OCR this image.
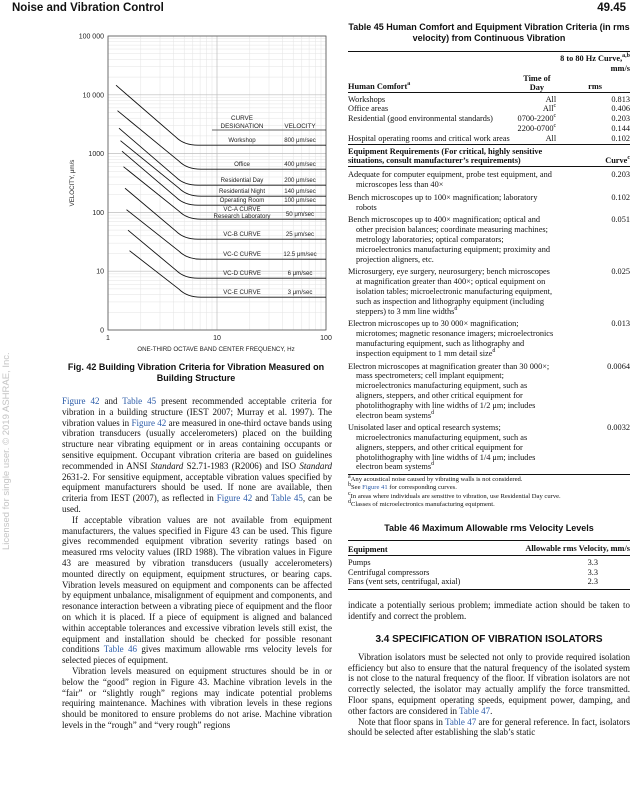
Noise and Vibration Control	49.45
Licensed for single user. © 2019 ASHRAE, Inc.
100 000
10 000
1000
100
10
0
1	10	100
ONE-THIRD OCTAVE BAND CENTER FREQUENCY, Hz
VELOCITY, μm/s
CURVE
DESIGNATION	VELOCITY
Workshop	800 μm/sec
Office	400 μm/sec
Residential Day	200 μm/sec
Residential Night	140 μm/sec
Operating Room	100 μm/sec
VC-A CURVE
Research Laboratory	50 μm/sec
VC-B CURVE	25 μm/sec
VC-C CURVE	12.5 μm/sec
VC-D CURVE	6 μm/sec
VC-E CURVE	3 μm/sec
Fig. 42 Building Vibration Criteria for Vibration Measured on Building Structure

Figure 42 and Table 45 present recommended acceptable criteria for vibration in a building structure (IEST 2007; Murray et al. 1997). The vibration values in Figure 42 are measured in one-third octave bands using vibration transducers (usually accelerometers) placed on the building structure near vibrating equipment or in areas containing occupants or sensitive equipment. Occupant vibration criteria are based on guidelines recommended in ANSI Standard S2.71-1983 (R2006) and ISO Standard 2631-2. For sensitive equipment, acceptable vibration values specified by equipment manufacturers should be used. If none are available, then criteria from IEST (2007), as reflected in Figure 42 and Table 45, can be used.

If acceptable vibration values are not available from equipment manufacturers, the values specified in Figure 43 can be used. This figure gives recommended equipment vibration severity ratings based on measured rms velocity values (IRD 1988). The vibration values in Figure 43 are measured by vibration transducers (usually accelerometers) mounted directly on equipment, equipment structures, or bearing caps. Vibration levels measured on equipment and components can be affected by equipment unbalance, misalignment of equipment and components, and resonance interaction between a vibrating piece of equipment and the floor on which it is placed. If a piece of equipment is aligned and balanced within acceptable tolerances and excessive vibration levels still exist, the equipment and installation should be checked for possible resonant conditions Table 46 gives maximum allowable rms velocity levels for selected pieces of equipment.

Vibration levels measured on equipment structures should be in or below the “good” region in Figure 43. Machine vibration levels in the “fair” or “slightly rough” regions may indicate potential problems requiring maintenance. Machines with vibration levels in these regions should be monitored to ensure problems do not arise. Machine vibration levels in the “rough” and “very rough” regions

Table 45 Human Comfort and Equipment Vibration Criteria (in rms velocity) from Continuous Vibration
		8 to 80 Hz Curve,$^{a,b}$
mm/s
Human Comfort$^a$	Time of Day	rms
Workshops	All	0.813
Office areas	All$^c$	0.406
Residential (good environmental standards)	0700-2200$^c$	0.203
	2200-0700$^c$	0.144
Hospital operating rooms and critical work areas	All	0.102
Equipment Requirements (For critical, highly sensitive situations, consult manufacturer’s requirements)		Curve$^c$
Adequate for computer equipment, probe test equipment, and microscopes less than 40×		0.203
Bench microscopes up to 100× magnification; laboratory robots		0.102
Bench microscopes up to 400× magnification; optical and other precision balances; coordinate measuring machines; metrology laboratories; optical comparators; microelectronics manufacturing equipment; proximity and projection aligners, etc.		0.051
Microsurgery, eye surgery, neurosurgery; bench microscopes at magnification greater than 400×; optical equipment on isolation tables; microelectronic manufacturing equipment, such as inspection and lithography equipment (including steppers) to 3 mm line widths$^d$		0.025
Electron microscopes up to 30 000× magnification; microtomes; magnetic resonance imagers; microelectronics manufacturing equipment, such as lithography and inspection equipment to 1 mm detail size$^d$		0.013
Electron microscopes at magnification greater than 30 000×; mass spectrometers; cell implant equipment; microelectronics manufacturing equipment, such as aligners, steppers, and other critical equipment for photolithography with line widths of 1/2 μm; includes electron beam systems$^d$		0.0064
Unisolated laser and optical research systems; microelectronics manufacturing equipment, such as aligners, steppers, and other critical equipment for photolithography with line widths of 1/4 μm; includes electron beam systems$^d$		0.0032
$^a$Any acoustical noise caused by vibrating walls is not considered.
$^b$See Figure 41 for corresponding curves.
$^c$In areas where individuals are sensitive to vibration, use Residential Day curve.
$^d$Classes of microelectronics manufacturing equipment.
Table 46 Maximum Allowable rms Velocity Levels
Equipment	Allowable rms Velocity, mm/s
Pumps	3.3
Centrifugal compressors	3.3
Fans (vent sets, centrifugal, axial)	2.3

indicate a potentially serious problem; immediate action should be taken to identify and correct the problem.

3.4 SPECIFICATION OF VIBRATION ISOLATORS

Vibration isolators must be selected not only to provide required isolation efficiency but also to ensure that the natural frequency of the isolated system is not close to the natural frequency of the floor. If vibration isolators are not correctly selected, the isolator may actually amplify the force transmitted. Floor spans, equipment operating speeds, equipment power, damping, and other factors are considered in Table 47.

Note that floor spans in Table 47 are for general reference. In fact, isolators should be selected after establishing the slab’s static
